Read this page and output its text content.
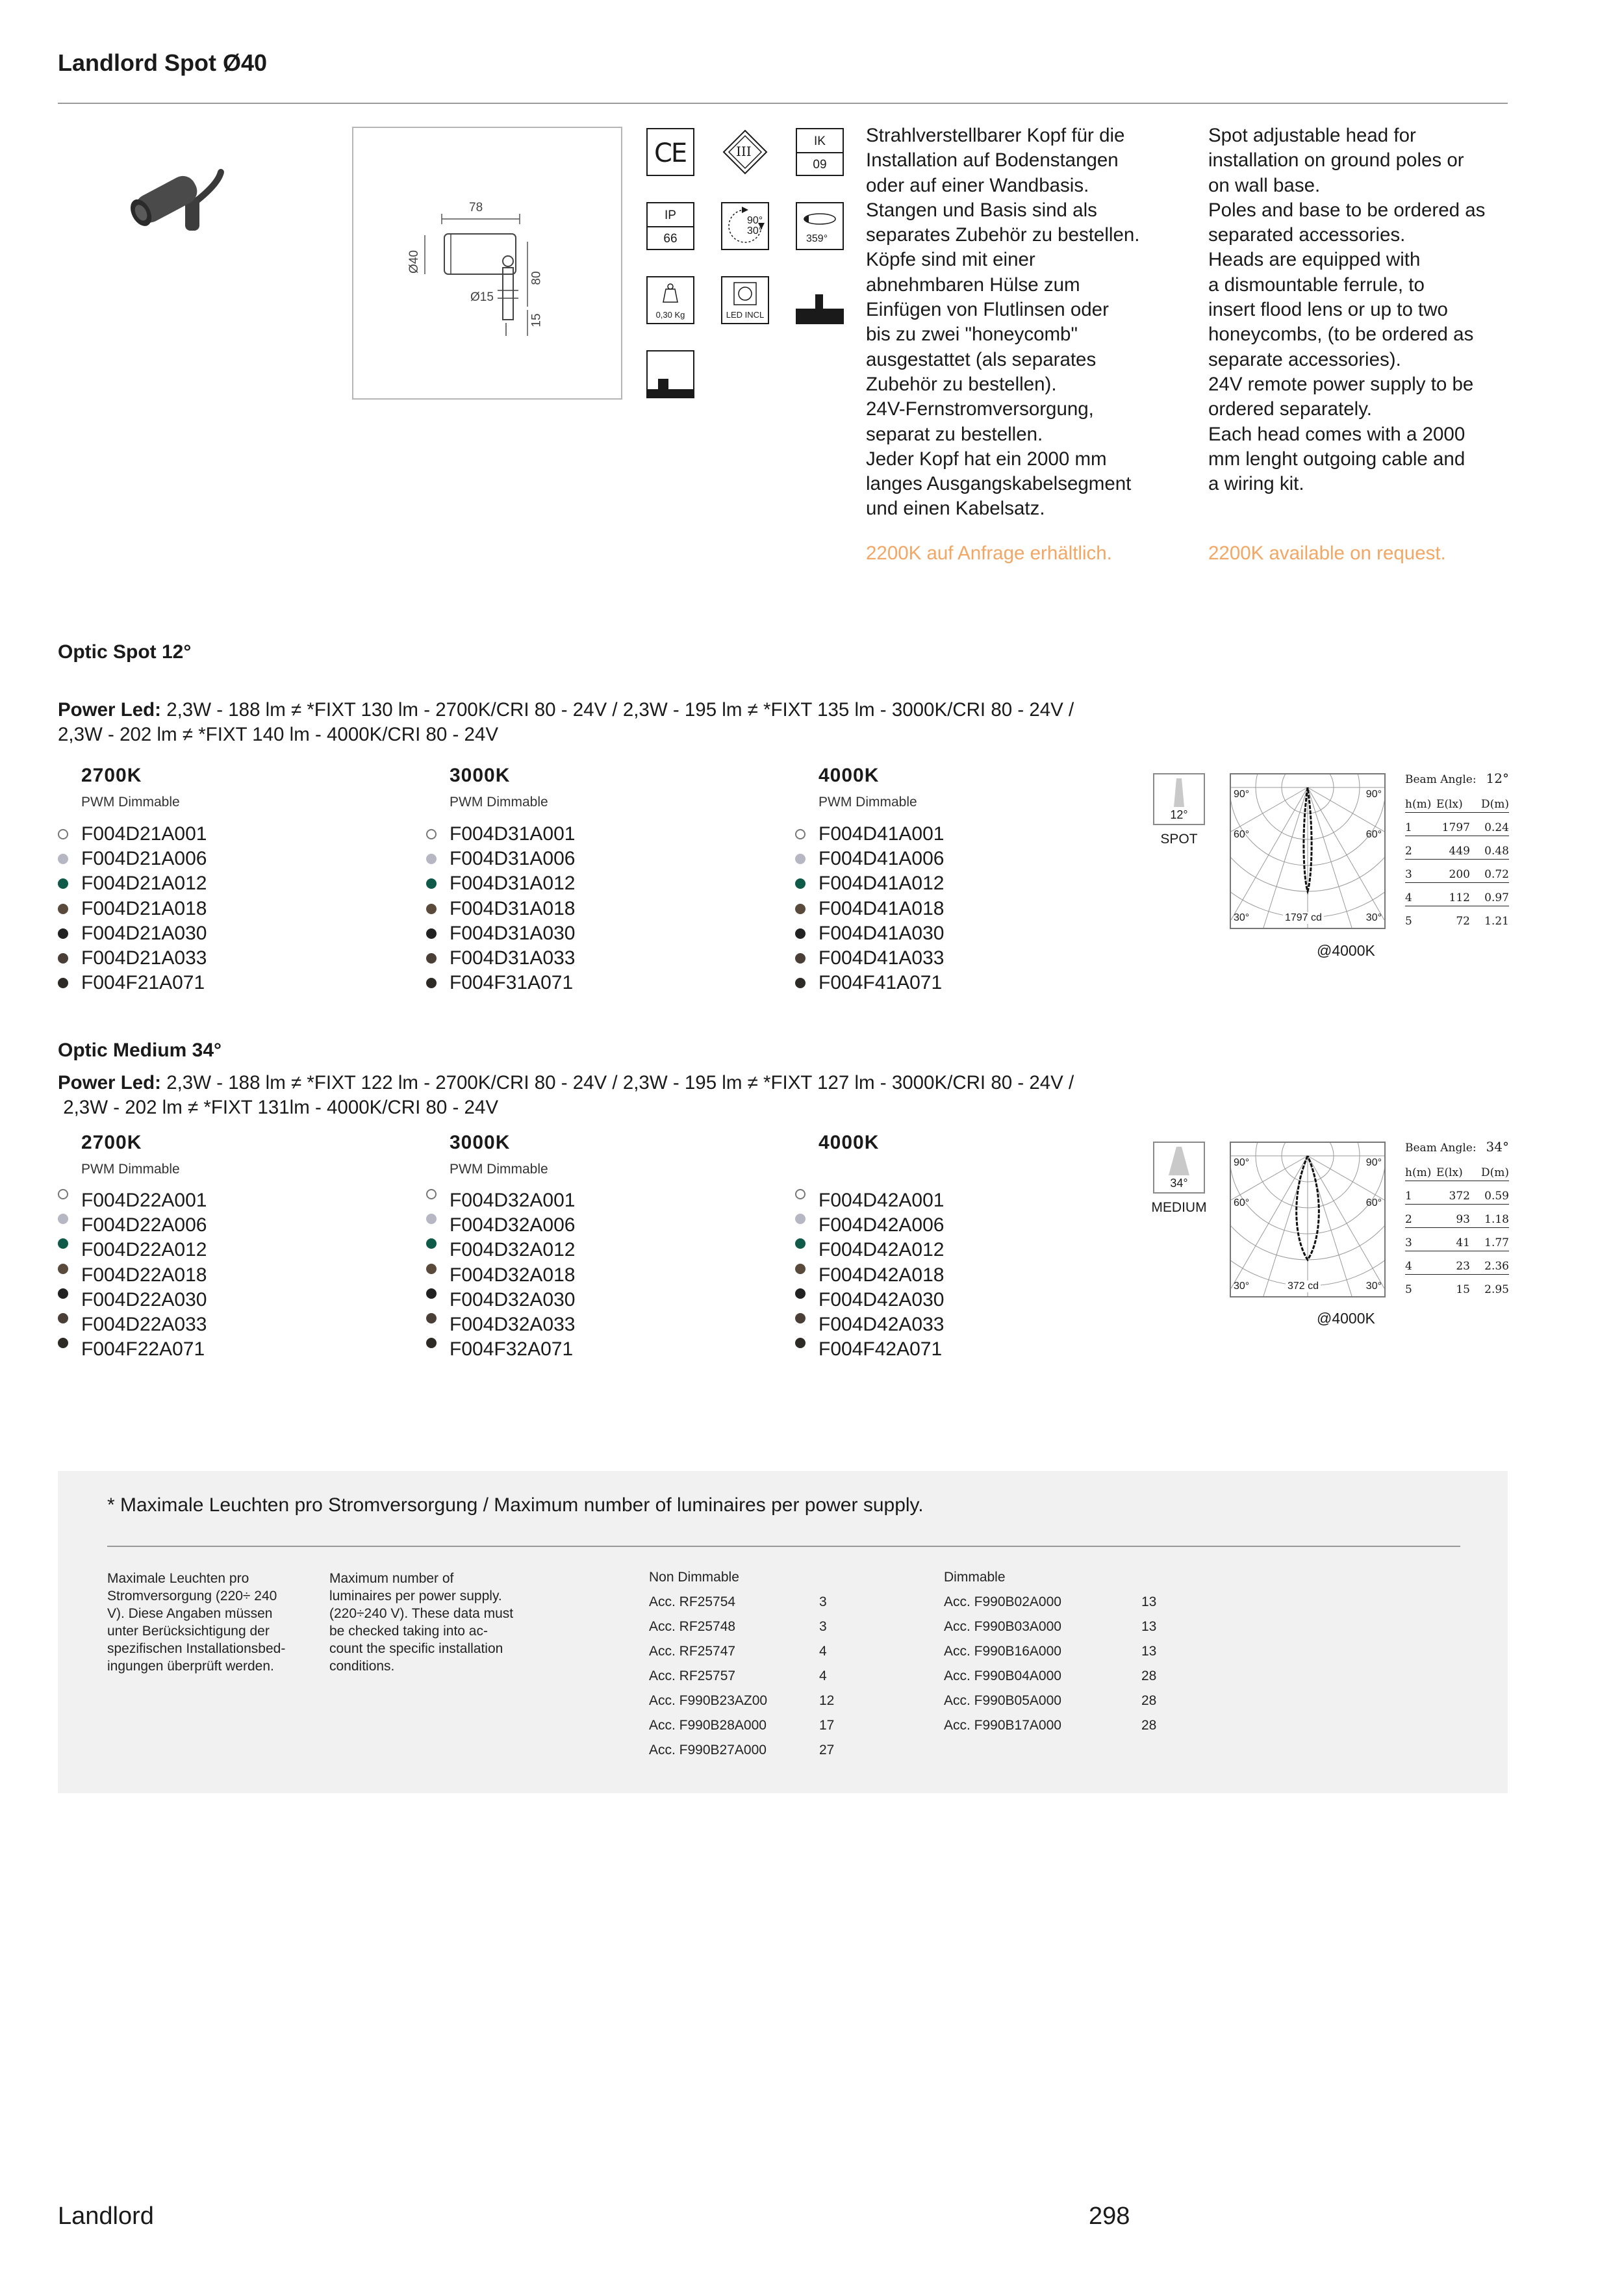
Landlord Spot Ø40
78
Ø40
80
Ø15
15
CE	III
IK
09
IP
66
90°
30°
359°
0,30 Kg	LED INCL
Strahlverstellbarer Kopf für die
Installation auf Bodenstangen
oder auf einer Wandbasis.
Stangen und Basis sind als
separates Zubehör zu bestellen.
Köpfe sind mit einer
abnehmbaren Hülse zum
Einfügen von Flutlinsen oder
bis zu zwei "honeycomb"
ausgestattet (als separates
Zubehör zu bestellen).
24V-Fernstromversorgung,
separat zu bestellen.
Jeder Kopf hat ein 2000 mm
langes Ausgangskabelsegment
und einen Kabelsatz.
Spot adjustable head for
installation on ground poles or
on wall base.
Poles and base to be ordered as
separated accessories.
Heads are equipped with
a dismountable ferrule, to
insert flood lens or up to two
honeycombs, (to be ordered as
separate accessories).
24V remote power supply to be
ordered separately.
Each head comes with a 2000
mm lenght outgoing cable and
a wiring kit.
2200K auf Anfrage erhältlich.	2200K available on request.
Optic Spot 12°
Power Led: 2,3W - 188 lm ≠ *FIXT 130 lm - 2700K/CRI 80 - 24V / 2,3W - 195 lm ≠ *FIXT 135 lm - 3000K/CRI 80 - 24V /
2,3W - 202 lm ≠ *FIXT 140 lm - 4000K/CRI 80 - 24V
2700K
PWM Dimmable
F004D21A001
F004D21A006
F004D21A012
F004D21A018
F004D21A030
F004D21A033
F004F21A071
3000K
PWM Dimmable
F004D31A001
F004D31A006
F004D31A012
F004D31A018
F004D31A030
F004D31A033
F004F31A071
4000K
PWM Dimmable
F004D41A001
F004D41A006
F004D41A012
F004D41A018
F004D41A030
F004D41A033
F004F41A071
12°
SPOT
90°	90°
60°	60°
30°	30°
1797 cd
@4000K
Beam Angle: 12°
h(m) E(lx) D(m)
1	1797 0.24
2	449 0.48
3	200 0.72
4	112 0.97
5	72 1.21
Optic Medium 34°
Power Led: 2,3W - 188 lm ≠ *FIXT 122 lm - 2700K/CRI 80 - 24V / 2,3W - 195 lm ≠ *FIXT 127 lm - 3000K/CRI 80 - 24V /
2,3W - 202 lm ≠ *FIXT 131lm - 4000K/CRI 80 - 24V
2700K
PWM Dimmable
F004D22A001
F004D22A006
F004D22A012
F004D22A018
F004D22A030
F004D22A033
F004F22A071
3000K
PWM Dimmable
F004D32A001
F004D32A006
F004D32A012
F004D32A018
F004D32A030
F004D32A033
F004F32A071
4000K
F004D42A001
F004D42A006
F004D42A012
F004D42A018
F004D42A030
F004D42A033
F004F42A071
34°
MEDIUM
90°	90°
60°	60°
30°	30°
372 cd
@4000K
Beam Angle: 34°
h(m) E(lx) D(m)
1	372 0.59
2	93 1.18
3	41 1.77
4	23 2.36
5	15 2.95
* Maximale Leuchten pro Stromversorgung / Maximum number of luminaires per power supply.
Maximale Leuchten pro
Stromversorgung (220÷ 240
V). Diese Angaben müssen
unter Berücksichtigung der
spezifischen Installationsbed-
ingungen überprüft werden.
Maximum number of
luminaires per power supply.
(220÷240 V). These data must
be checked taking into ac-
count the specific installation
conditions.
Non Dimmable
Acc. RF25754	3
Acc. RF25748	3
Acc. RF25747	4
Acc. RF25757	4
Acc. F990B23AZ00	12
Acc. F990B28A000	17
Acc. F990B27A000	27
Dimmable
Acc. F990B02A000	13
Acc. F990B03A000	13
Acc. F990B16A000	13
Acc. F990B04A000	28
Acc. F990B05A000	28
Acc. F990B17A000	28
Landlord	298
